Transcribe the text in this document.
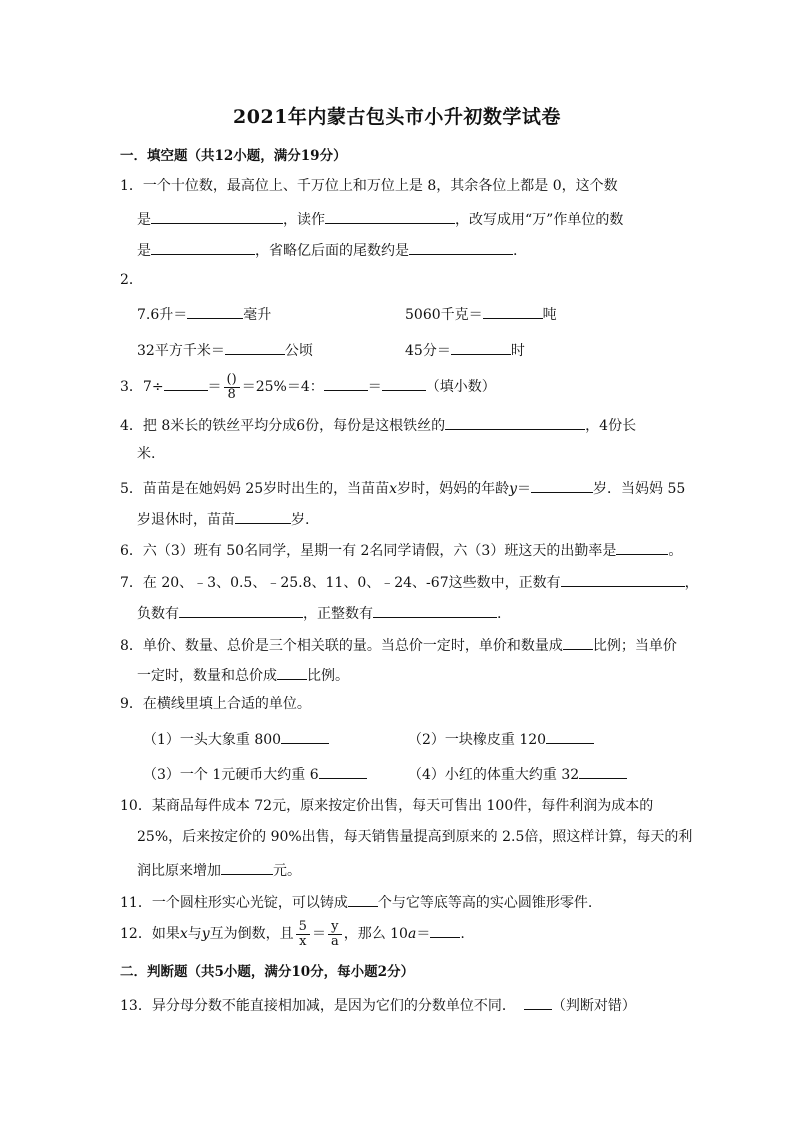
2021年内蒙古包头市小升初数学试卷
一．填空题（共12小题，满分19分）
1．一个十位数，最高位上、千万位上和万位上是 8，其余各位上都是 0，这个数
是	，读作	，改写成用“万”作单位的数
是	，省略亿后面的尾数约是	.
2．
7.6升＝	毫升	5060千克＝	吨
32平方千米＝	公顷	45分＝	时
3．7÷	＝ $\frac{()}{8} =25\%=4$：	＝	（填小数）
4．把 8米长的铁丝平均分成6份，每份是这根铁丝的	，4份长
米.
5．苗苗是在她妈妈 25岁时出生的，当苗苗x岁时，妈妈的年龄y＝	岁．当妈妈 55
岁退休时，苗苗	岁.
6．六（3）班有 50名同学，星期一有 2名同学请假，六（3）班这天的出勤率是	。
7．在 20、﹣3、0.5、﹣25.8、11、0、﹣24、-67这些数中，正数有	，
负数有	，正整数有	.
8．单价、数量、总价是三个相关联的量。当总价一定时，单价和数量成 比例；当单价
一定时，数量和总价成 比例。
9．在横线里填上合适的单位。
（1）一头大象重 800	（2）一块橡皮重 120
（3）一个 1元硬币大约重 6	（4）小红的体重大约重 32
10．某商品每件成本 72元，原来按定价出售，每天可售出 100件，每件利润为成本的
25%，后来按定价的 90%出售，每天销售量提高到原来的 2.5倍，照这样计算，每天的利
润比原来增加	元。
11．一个圆柱形实心光锭，可以铸成 个与它等底等高的实心圆锥形零件.
12．如果x与y互为倒数，且 $\frac{5}{x} = \frac{y}{a}$ ，那么 10a＝ .
二．判断题（共5小题，满分10分，每小题2分）
13．异分母分数不能直接相加减，是因为它们的分数单位不同．	（判断对错）
